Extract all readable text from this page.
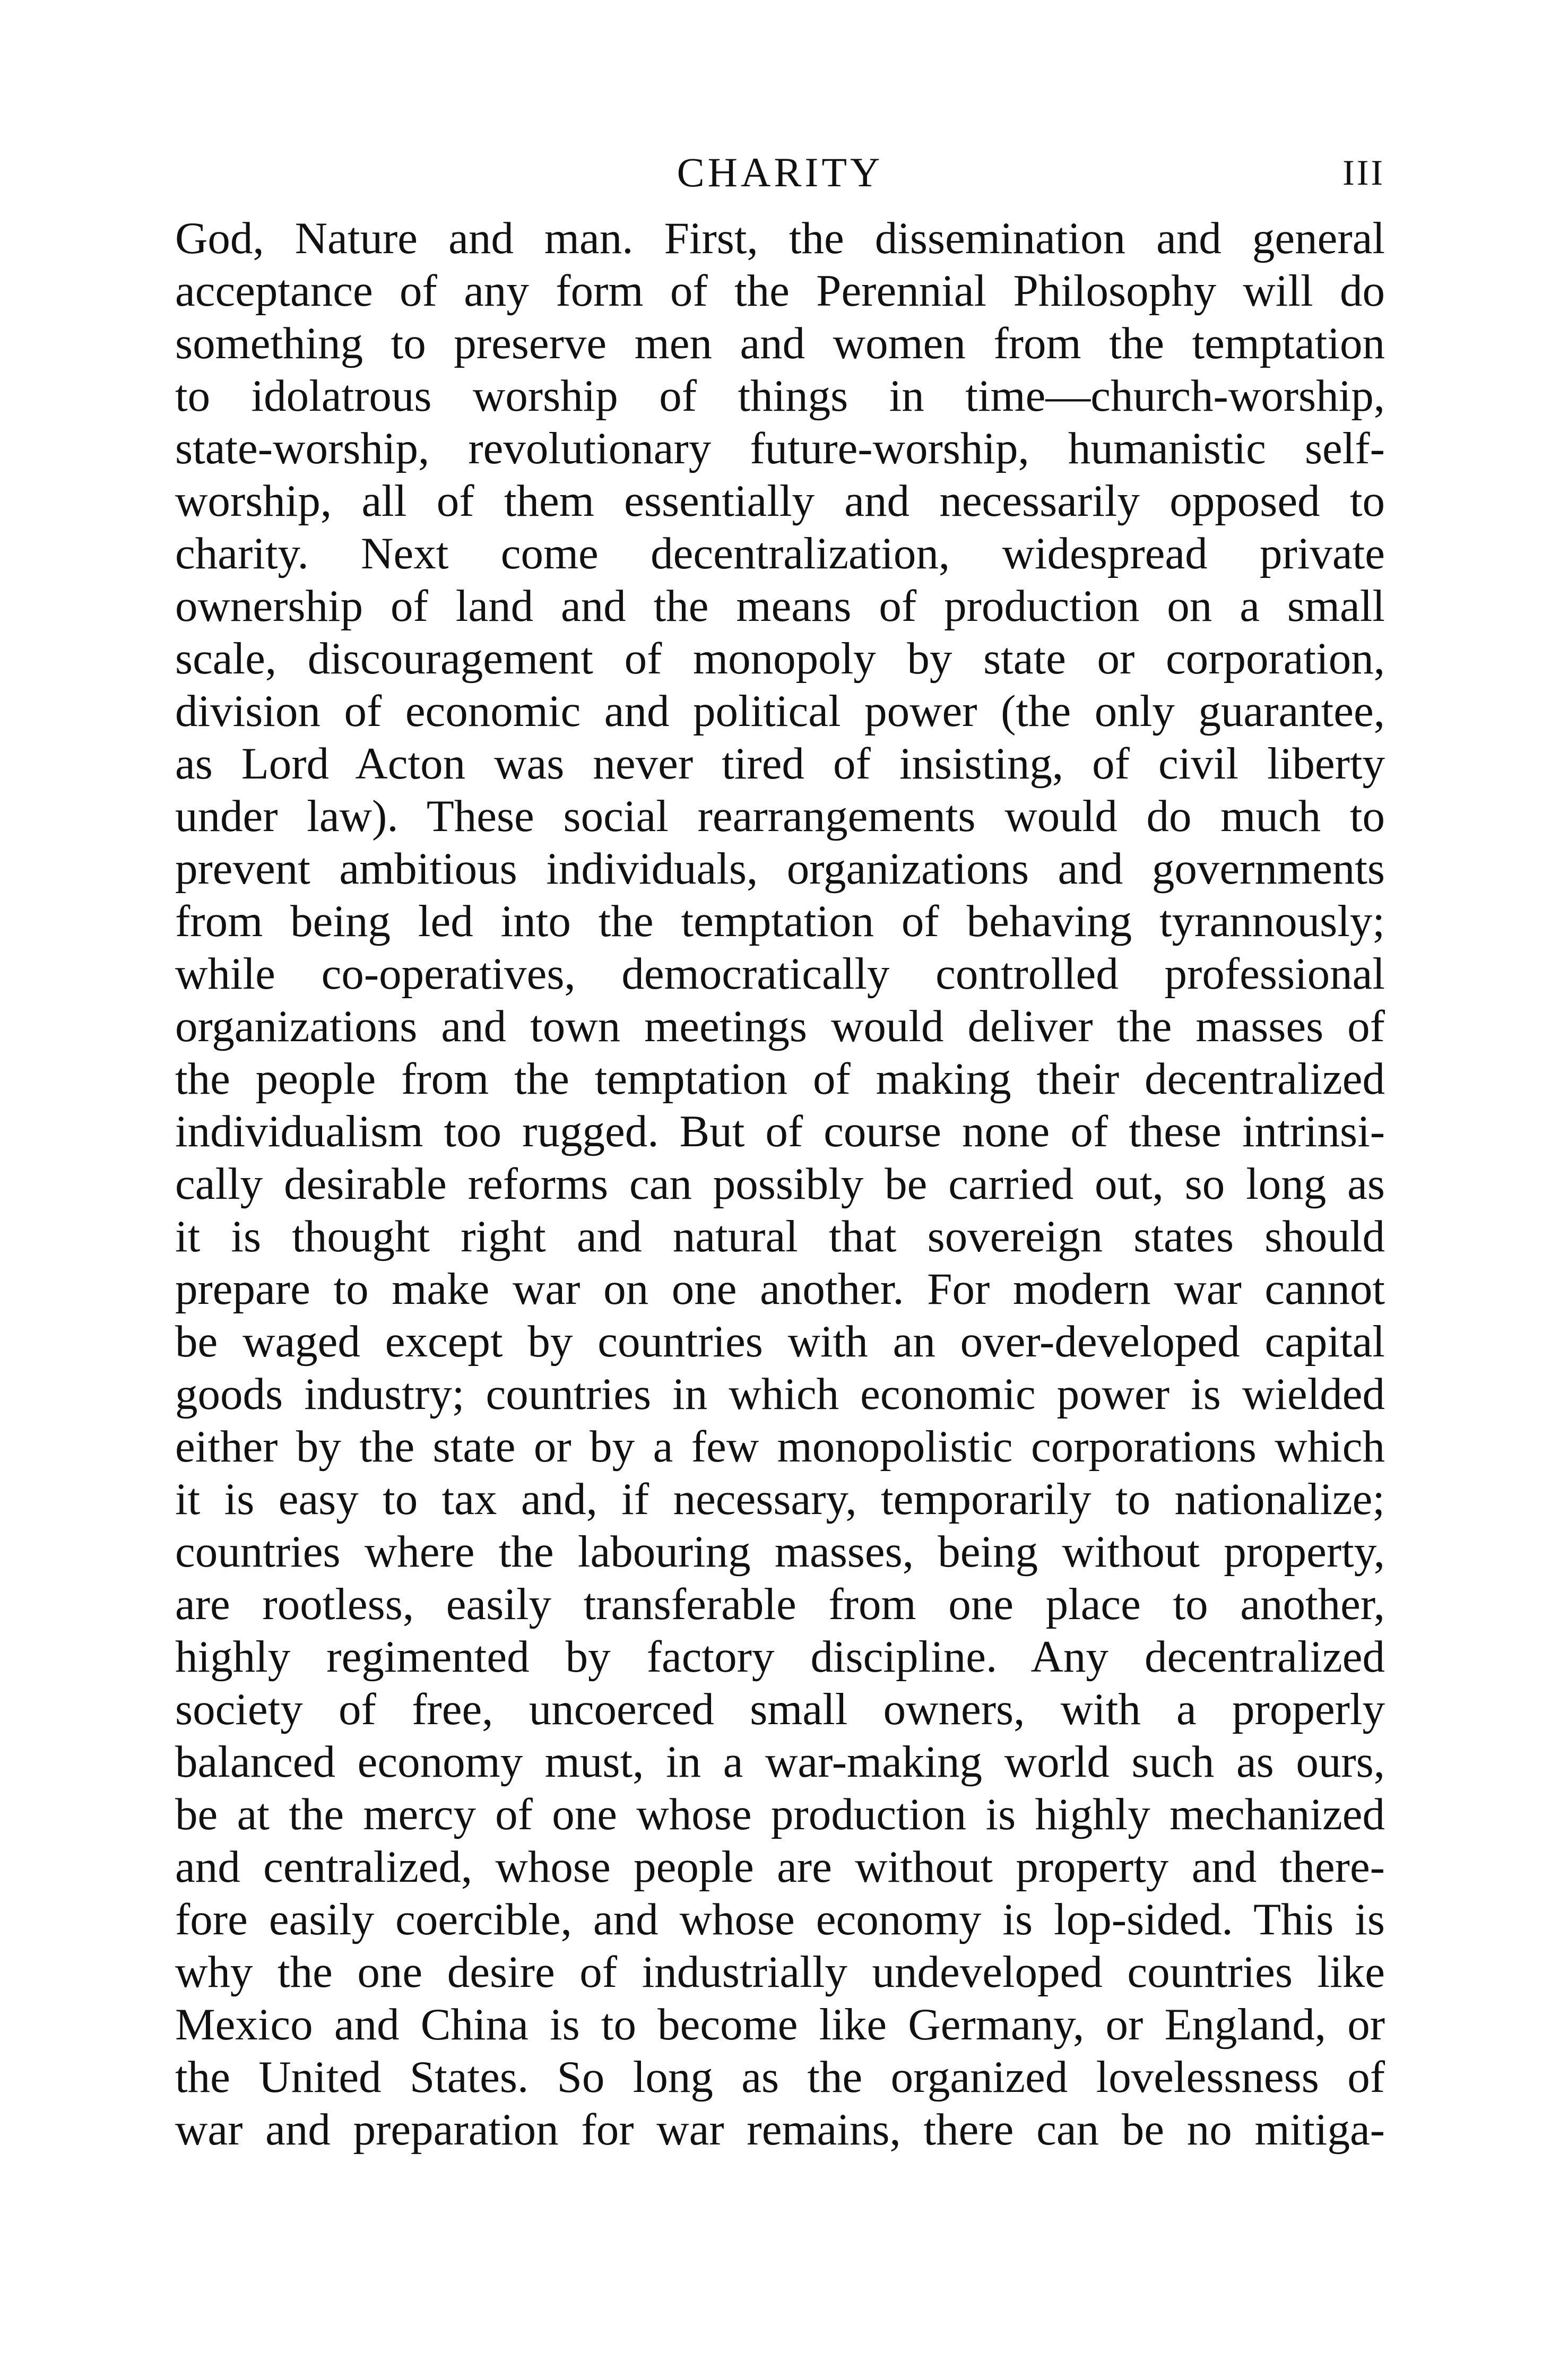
CHARITY	III
God, Nature and man. First, the dissemination and general
acceptance of any form of the Perennial Philosophy will do
something to preserve men and women from the temptation
to idolatrous worship of things in time—church-worship,
state-worship, revolutionary future-worship, humanistic self-
worship, all of them essentially and necessarily opposed to
charity. Next come decentralization, widespread private
ownership of land and the means of production on a small
scale, discouragement of monopoly by state or corporation,
division of economic and political power (the only guarantee,
as Lord Acton was never tired of insisting, of civil liberty
under law). These social rearrangements would do much to
prevent ambitious individuals, organizations and governments
from being led into the temptation of behaving tyrannously;
while co-operatives, democratically controlled professional
organizations and town meetings would deliver the masses of
the people from the temptation of making their decentralized
individualism too rugged. But of course none of these intrinsi-
cally desirable reforms can possibly be carried out, so long as
it is thought right and natural that sovereign states should
prepare to make war on one another. For modern war cannot
be waged except by countries with an over-developed capital
goods industry; countries in which economic power is wielded
either by the state or by a few monopolistic corporations which
it is easy to tax and, if necessary, temporarily to nationalize;
countries where the labouring masses, being without property,
are rootless, easily transferable from one place to another,
highly regimented by factory discipline. Any decentralized
society of free, uncoerced small owners, with a properly
balanced economy must, in a war-making world such as ours,
be at the mercy of one whose production is highly mechanized
and centralized, whose people are without property and there-
fore easily coercible, and whose economy is lop-sided. This is
why the one desire of industrially undeveloped countries like
Mexico and China is to become like Germany, or England, or
the United States. So long as the organized lovelessness of
war and preparation for war remains, there can be no mitiga-
